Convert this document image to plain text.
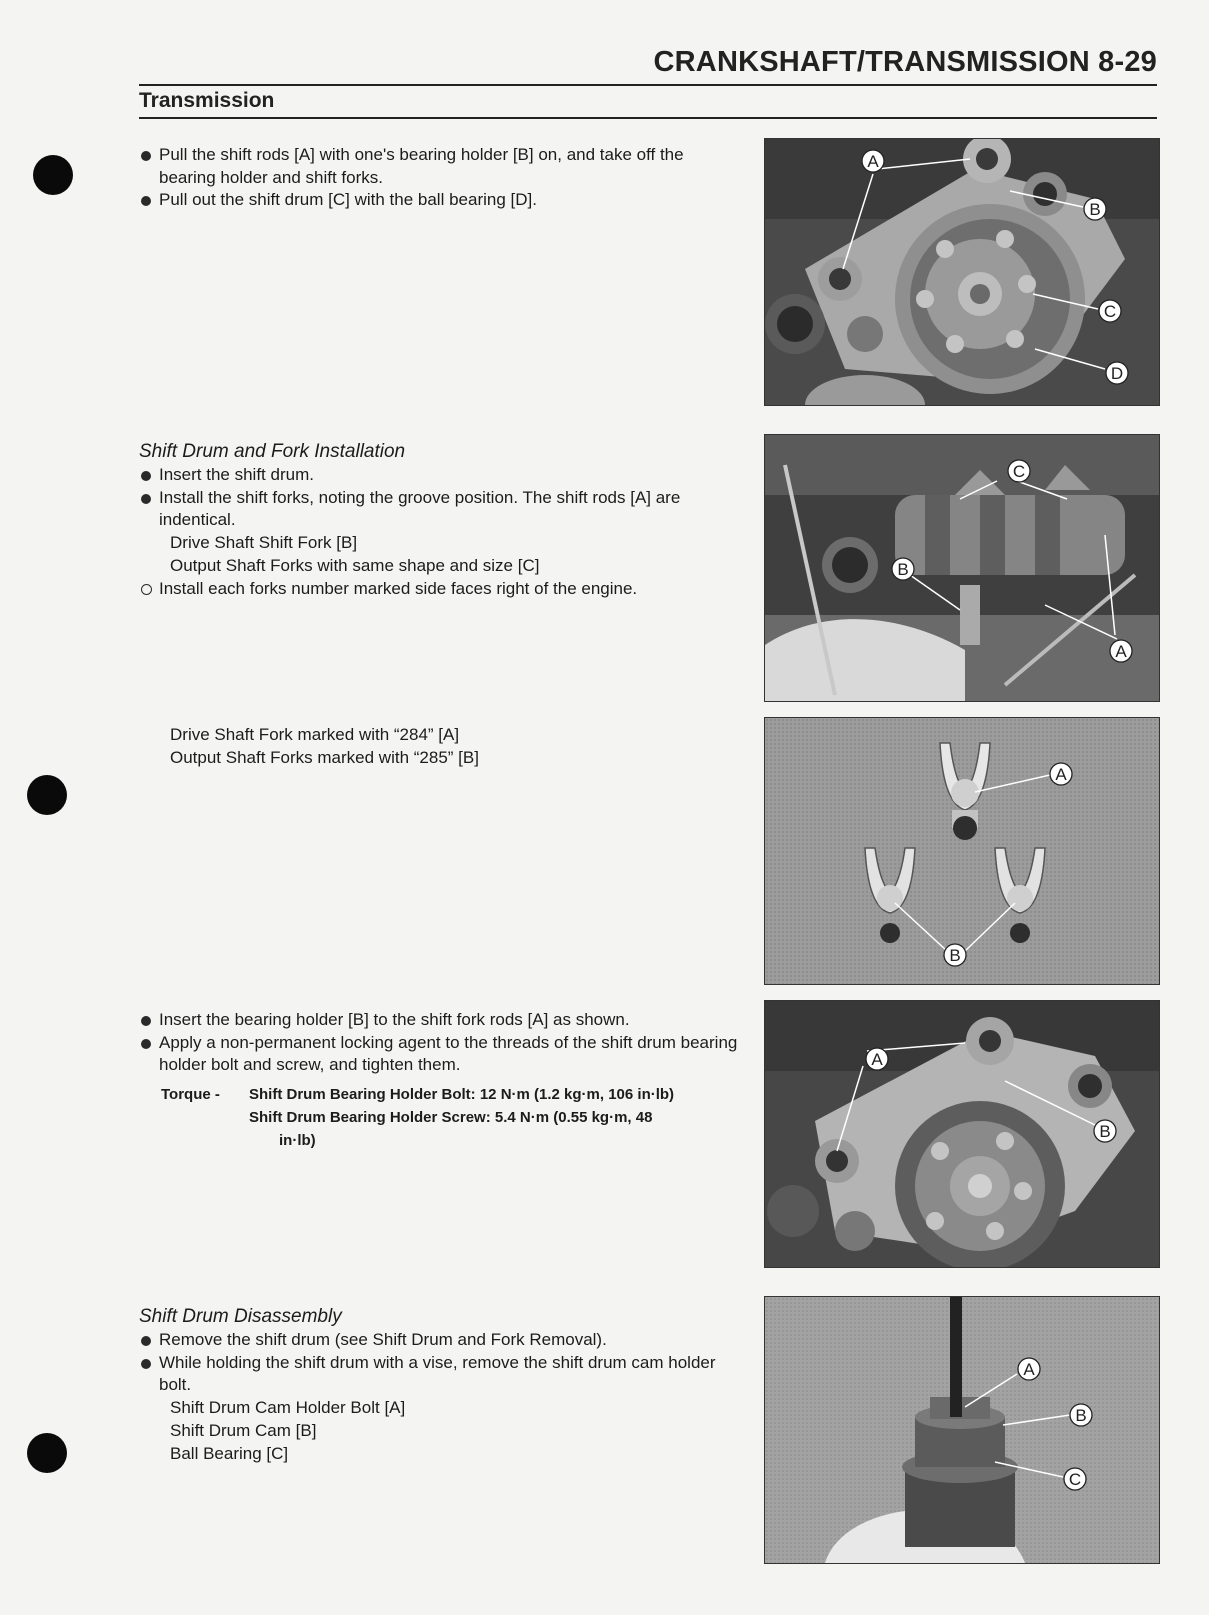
CRANKSHAFT/TRANSMISSION 8-29
Transmission
Pull the shift rods [A] with one's bearing holder [B] on, and take off the bearing holder and shift forks.
Pull out the shift drum [C] with the ball bearing [D].
Shift Drum and Fork Installation
Insert the shift drum.
Install the shift forks, noting the groove position. The shift rods [A] are indentical.
Drive Shaft Shift Fork [B]
Output Shaft Forks with same shape and size [C]
Install each forks number marked side faces right of the engine.
Drive Shaft Fork marked with “284” [A]
Output Shaft Forks marked with “285” [B]
Insert the bearing holder [B] to the shift fork rods [A] as shown.
Apply a non-permanent locking agent to the threads of the shift drum bearing holder bolt and screw, and tighten them.
Torque -	Shift Drum Bearing Holder Bolt: 12 N·m (1.2 kg·m, 106 in·lb)
Shift Drum Bearing Holder Screw: 5.4 N·m (0.55 kg·m, 48
in·lb)
Shift Drum Disassembly
Remove the shift drum (see Shift Drum and Fork Removal).
While holding the shift drum with a vise, remove the shift drum cam holder bolt.
Shift Drum Cam Holder Bolt [A]
Shift Drum Cam [B]
Ball Bearing [C]
A
B
C
D
C
B
A
A
B
A
B
A
B
C
